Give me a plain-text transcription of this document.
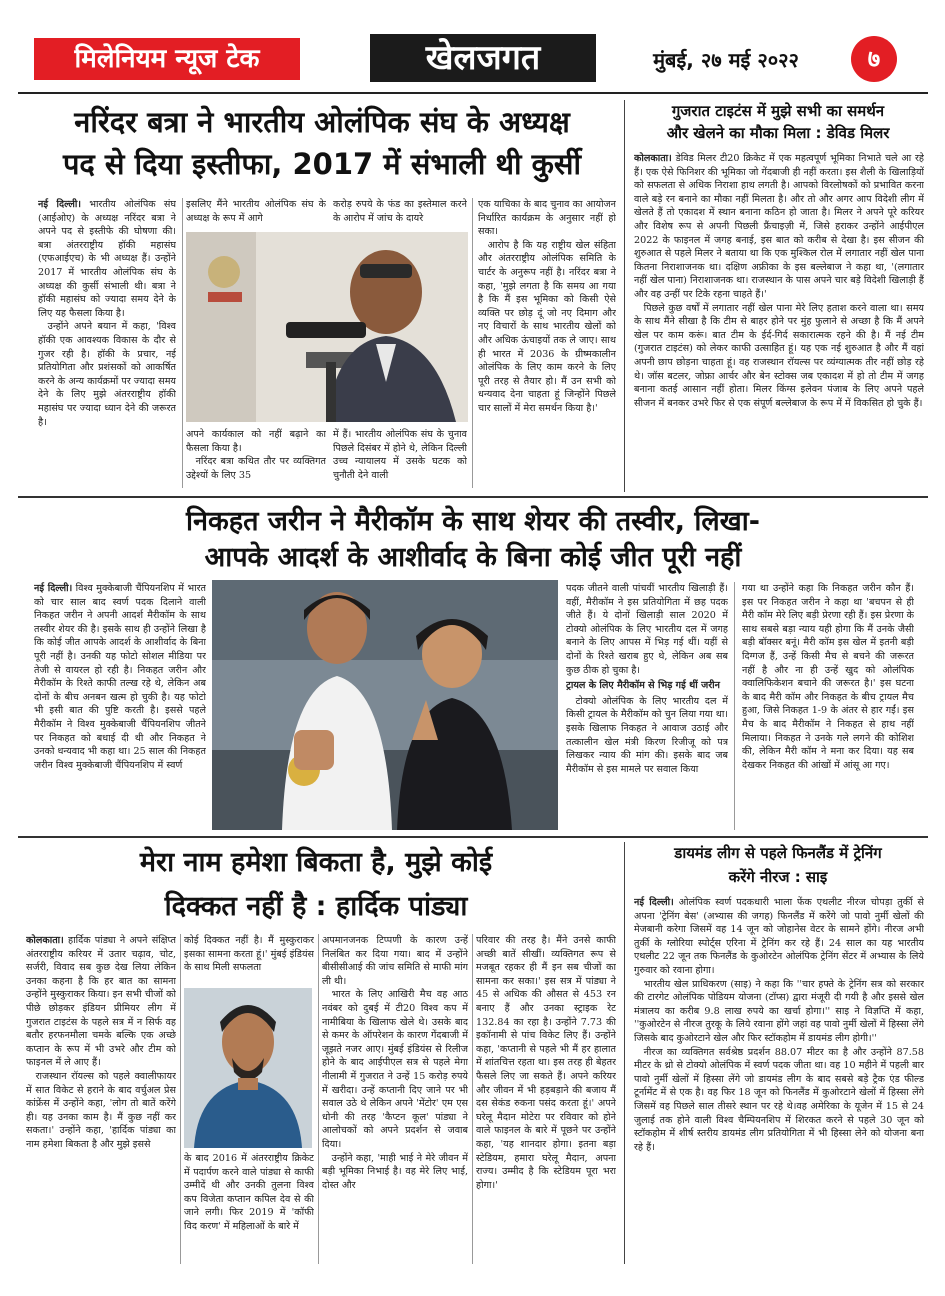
मिलेनियम न्यूज टेक	खेलजगत	मुंबई, २७ मई २०२२	७
नरिंदर बत्रा ने भारतीय ओलंपिक संघ के अध्यक्ष
पद से दिया इस्तीफा, 2017 में संभाली थी कुर्सी
नई दिल्ली। भारतीय ओलंपिक संघ (आईओए) के अध्यक्ष नरिंदर बत्रा ने अपने पद से इस्तीफे की घोषणा की। बत्रा अंतरराष्ट्रीय हॉकी महासंघ (एफआईएच) के भी अध्यक्ष हैं। उन्होंने 2017 में भारतीय ओलंपिक संघ के अध्यक्ष की कुर्सी संभाली थी। बत्रा ने हॉकी महासंघ को ज्यादा समय देने के लिए यह फैसला किया है।

उन्होंने अपने बयान में कहा, 'विश्व हॉकी एक आवश्यक विकास के दौर से गुजर रही है। हॉकी के प्रचार, नई प्रतियोगिता और प्रशंसकों को आकर्षित करने के अन्य कार्यक्रमों पर ज्यादा समय देने के लिए मुझे अंतरराष्ट्रीय हॉकी महासंघ पर ज्यादा ध्यान देने की जरूरत है।

इसलिए मैंने भारतीय ओलंपिक संघ के अध्यक्ष के रूप में आगे
करोड़ रुपये के फंड का इस्तेमाल करने के आरोप में जांच के दायरे
अपने कार्यकाल को नहीं बढ़ाने का फैसला किया है।

नरिंदर बत्रा कथित तौर पर व्यक्तिगत उद्देश्यों के लिए 35

में हैं। भारतीय ओलंपिक संघ के चुनाव पिछले दिसंबर में होने थे, लेकिन दिल्ली उच्च न्यायालय में उसके घटक को चुनौती देने वाली
एक याचिका के बाद चुनाव का आयोजन निर्धारित कार्यक्रम के अनुसार नहीं हो सका।

आरोप है कि यह राष्ट्रीय खेल संहिता और अंतरराष्ट्रीय ओलंपिक समिति के चार्टर के अनुरूप नहीं है। नरिंदर बत्रा ने कहा, 'मुझे लगता है कि समय आ गया है कि मैं इस भूमिका को किसी ऐसे व्यक्ति पर छोड़ दूं जो नए दिमाग और नए विचारों के साथ भारतीय खेलों को और अधिक ऊंचाइयों तक ले जाए। साथ ही भारत में 2036 के ग्रीष्मकालीन ओलंपिक के लिए काम करने के लिए पूरी तरह से तैयार हो। मैं उन सभी को धन्यवाद देना चाहता हूं जिन्होंने पिछले चार सालों में मेरा समर्थन किया है।'

गुजरात टाइटंस में मुझे सभी का समर्थन
और खेलने का मौका मिला : डेविड मिलर
कोलकाता। डेविड मिलर टी20 क्रिकेट में एक महत्वपूर्ण भूमिका निभाते चले आ रहे हैं। एक ऐसे फिनिशर की भूमिका जो गेंदबाजी ही नहीं करता। इस शैली के खिलाड़ियों को सफलता से अधिक निराशा हाथ लगती है। आपको विरलोषकों को प्रभावित करना वाले बड़े रन बनाने का मौका नहीं मिलता है। और तो और अगर आप विदेशी लीग में खेलते हैं तो एकादश में स्थान बनाना कठिन हो जाता है। मिलर ने अपने पूरे करियर और विशेष रूप से अपनी पिछली फ्रैंचाइज़ी में, जिसे हराकर उन्होंने आईपीएल 2022 के फाइनल में जगह बनाई, इस बात को करीब से देखा है। इस सीजन की शुरुआत से पहले मिलर ने बताया था कि एक मुश्किल रोल में लगातार नहीं खेल पाना कितना निराशाजनक था। दक्षिण अफ्रीका के इस बल्लेबाज ने कहा था, '(लगातार नहीं खेल पाना) निराशाजनक था। राजस्थान के पास अपने चार बड़े विदेशी खिलाड़ी हैं और वह उन्हीं पर टिके रहना चाहते हैं।'

पिछले कुछ वर्षों में लगातार नहीं खेल पाना मेरे लिए हताश करने वाला था। समय के साथ मैंने सीखा है कि टीम से बाहर होने पर मुंह फुलाने से अच्छा है कि मैं अपने खेल पर काम करूं। बात टीम के ईर्द-गिर्द सकारात्मक रहने की है। मैं नई टीम (गुजरात टाइटंस) को लेकर काफी उत्साहित हूं। यह एक नई शुरुआत है और मैं वहां अपनी छाप छोड़ना चाहता हूं। वह राजस्थान रॉयल्स पर व्यंग्यात्मक तीर नहीं छोड़ रहे थे। जॉस बटलर, जोफ्रा आर्चर और बेन स्टोक्स जब एकादश में हो तो टीम में जगह बनाना कतई आसान नहीं होता। मिलर किंग्स इलेवन पंजाब के लिए अपने पहले सीजन में बनकर उभरे फिर से एक संपूर्ण बल्लेबाज के रूप में में विकसित हो चुके हैं।

निकहत जरीन ने मैरीकॉम के साथ शेयर की तस्वीर, लिखा-
आपके आदर्श के आशीर्वाद के बिना कोई जीत पूरी नहीं
नई दिल्ली। विश्व मुक्केबाजी चैंपियनशिप में भारत को चार साल बाद स्वर्ण पदक दिलाने वाली निकहत जरीन ने अपनी आदर्श मैरीकॉम के साथ तस्वीर शेयर की है। इसके साथ ही उन्होंने लिखा है कि कोई जीत आपके आदर्श के आशीर्वाद के बिना पूरी नहीं है। उनकी यह फोटो सोशल मीडिया पर तेजी से वायरल हो रही है। निकहत जरीन और मैरीकॉम के रिश्ते काफी तल्ख रहे थे, लेकिन अब दोनों के बीच अनबन खत्म हो चुकी है। यह फोटो भी इसी बात की पुष्टि करती है। इससे पहले मैरीकॉम ने विश्व मुक्केबाजी चैंपियनशिप जीतने पर निकहत को बधाई दी थी और निकहत ने उनको धन्यवाद भी कहा था। 25 साल की निकहत जरीन विश्व मुक्केबाजी चैंपियनशिप में स्वर्ण
पदक जीतने वाली पांचवीं भारतीय खिलाड़ी हैं। वहीं, मैरीकॉम ने इस प्रतियोगिता में छह पदक जीते हैं। ये दोनों खिलाड़ी साल 2020 में टोक्यो ओलंपिक के लिए भारतीय दल में जगह बनाने के लिए आपस में भिड़ गई थीं। यहीं से दोनों के रिश्ते खराब हुए थे, लेकिन अब सब कुछ ठीक हो चुका है।
ट्रायल के लिए मैरीकॉम से भिड़ गई थीं जरीन

टोक्यो ओलंपिक के लिए भारतीय दल में किसी ट्रायल के मैरीकॉम को चुन लिया गया था। इसके खिलाफ निकहत ने आवाज उठाई और तत्कालीन खेल मंत्री किरण रिजीजू को पत्र लिखकर न्याय की मांग की। इसके बाद जब मैरीकॉम से इस मामले पर सवाल किया

गया था उन्होंने कहा कि निकहत जरीन कौन हैं। इस पर निकहत जरीन ने कहा था 'बचपन से ही मैरी कॉम मेरे लिए बड़ी प्रेरणा रही हैं। इस प्रेरणा के साथ सबसे बड़ा न्याय यही होगा कि मैं उनके जैसी बड़ी बॉक्सर बनूं। मैरी कॉम इस खेल में इतनी बड़ी दिग्गज हैं, उन्हें किसी मैच से बचने की जरूरत नहीं है और ना ही उन्हें खुद को ओलंपिक क्वालिफिकेशन बचाने की जरूरत है।' इस घटना के बाद मैरी कॉम और निकहत के बीच ट्रायल मैच हुआ, जिसे निकहत 1-9 के अंतर से हार गईं। इस मैच के बाद मैरीकॉम ने निकहत से हाथ नहीं मिलाया। निकहत ने उनके गले लगने की कोशिश की, लेकिन मैरी कॉम ने मना कर दिया। यह सब देखकर निकहत की आंखों में आंसू आ गए।
मेरा नाम हमेशा बिकता है, मुझे कोई
दिक्कत नहीं है : हार्दिक पांड्या
कोलकाता। हार्दिक पांड्या ने अपने संक्षिप्त अंतरराष्ट्रीय करियर में उतार चढ़ाव, चोट, सर्जरी, विवाद सब कुछ देख लिया लेकिन उनका कहना है कि हर बात का सामना उन्होंने मुस्कुराकर किया। इन सभी चीजों को पीछे छोड़कर इंडियन प्रीमियर लीग में गुजरात टाइटंस के पहले सत्र में न सिर्फ वह बतौर हरफनमौला चमके बल्कि एक अच्छे कप्तान के रूप में भी उभरे और टीम को फाइनल में ले आए हैं।

राजस्थान रॉयल्स को पहले क्वालीफायर में सात विकेट से हराने के बाद वर्चुअल प्रेस कांफ्रेंस में उन्होंने कहा, 'लोग तो बातें करेंगे ही। यह उनका काम है। मैं कुछ नहीं कर सकता।' उन्होंने कहा, 'हार्दिक पांड्या का नाम हमेशा बिकता है और मुझे इससे

कोई दिक्कत नहीं है। मैं मुस्कुराकर इसका सामना करता हूं।' मुंबई इंडियंस के साथ मिली सफलता
के बाद 2016 में अंतरराष्ट्रीय क्रिकेट में पदार्पण करने वाले पांड्या से काफी उम्मीदें थी और उनकी तुलना विश्व कप विजेता कप्तान कपिल देव से की जाने लगी। फिर 2019 में 'कॉफी विद करण' में महिलाओं के बारे में
अपमानजनक टिप्पणी के कारण उन्हें निलंबित कर दिया गया। बाद में उन्होंने बीसीसीआई की जांच समिति से माफी मांग ली थी।

भारत के लिए आखिरी मैच वह आठ नवंबर को दुबई में टी20 विश्व कप में नामीबिया के खिलाफ खेले थे। उसके बाद से कमर के ऑपरेशन के कारण गेंदबाजी में जूझते नजर आए। मुंबई इंडियंस से रिलीज होने के बाद आईपीएल सत्र से पहले मेगा नीलामी में गुजरात ने उन्हें 15 करोड़ रुपये में खरीदा। उन्हें कप्तानी दिए जाने पर भी सवाल उठे थे लेकिन अपने 'मेंटोर' एम एस धोनी की तरह 'कैप्टन कूल' पांड्या ने आलोचकों को अपने प्रदर्शन से जवाब दिया।

उन्होंने कहा, 'माही भाई ने मेरे जीवन में बड़ी भूमिका निभाई है। वह मेरे लिए भाई, दोस्त और

परिवार की तरह है। मैंने उनसे काफी अच्छी बातें सीखीं। व्यक्तिगत रूप से मजबूत रहकर ही मैं इन सब चीजों का सामना कर सका।' इस सत्र में पांड्या ने 45 से अधिक की औसत से 453 रन बनाए हैं और उनका स्ट्राइक रेट 132.84 का रहा है। उन्होंने 7.73 की इकॉनामी से पांच विकेट लिए हैं। उन्होंने कहा, 'कप्तानी से पहले भी मैं हर हालात में शांतचित्त रहता था। इस तरह ही बेहतर फैसले लिए जा सकते हैं। अपने करियर और जीवन में भी हड़बड़ाने की बजाय मैं दस सेकंड रुकना पसंद करता हूं।' अपने घरेलू मैदान मोटेरा पर रविवार को होने वाले फाइनल के बारे में पूछने पर उन्होंने कहा, 'यह शानदार होगा। इतना बड़ा स्टेडियम, हमारा घरेलू मैदान, अपना राज्य। उम्मीद है कि स्टेडियम पूरा भरा होगा।'
डायमंड लीग से पहले फिनलैंड में ट्रेनिंग
करेंगे नीरज : साइ
नई दिल्ली। ओलंपिक स्वर्ण पदकधारी भाला फेंक एथलीट नीरज चोपड़ा तुर्की से अपना 'ट्रेनिंग बेस' (अभ्यास की जगह) फिनलैंड में करेंगे जो पावो नुर्मी खेलों की मेजबानी करेगा जिसमें वह 14 जून को जोहानेस वेटर के सामने होंगे। नीरज अभी तुर्की के ग्लोरिया स्पोर्ट्स एरिना में ट्रेनिंग कर रहे हैं। 24 साल का यह भारतीय एथलीट 22 जून तक फिनलैंड के कुओरटेन ओलंपिक ट्रेनिंग सेंटर में अभ्यास के लिये गुरुवार को रवाना होगा।

भारतीय खेल प्राधिकरण (साइ) ने कहा कि ''चार हफ्ते के ट्रेनिंग सत्र को सरकार की टारगेट ओलंपिक पोडियम योजना (टॉप्स) द्वारा मंजूरी दी गयी है और इससे खेल मंत्रालय का करीब 9.8 लाख रुपये का खर्चा होगा।'' साइ ने विज्ञप्ति में कहा, ''कुओरटेन से नीरज तुरकू के लिये रवाना होंगे जहां वह पावो नुर्मी खेलों में हिस्सा लेंगे जिसके बाद कुओरटाने खेल और फिर स्टॉकहोम में डायमंड लीग होगी।''

नीरज का व्यक्तिगत सर्वश्रेष्ठ प्रदर्शन 88.07 मीटर का है और उन्होंने 87.58 मीटर के थ्रो से टोक्यो ओलंपिक में स्वर्ण पदक जीता था। वह 10 महीने में पहली बार पावो नुर्मी खेलों में हिस्सा लेंगे जो डायमंड लीग के बाद सबसे बड़े ट्रैक एंड फील्ड टूर्नामेंट में से एक है। वह फिर 18 जून को फिनलैंड में कुओरटाने खेलों में हिस्सा लेंगे जिसमें वह पिछले साल तीसरे स्थान पर रहे थे।वह अमेरिका के यूजेन में 15 से 24 जुलाई तक होने वाली विश्व चैम्पियनशिप में शिरकत करने से पहले 30 जून को स्टॉकहोम में शीर्ष स्तरीय डायमंड लीग प्रतियोगिता में भी हिस्सा लेने को योजना बना रहे हैं।
